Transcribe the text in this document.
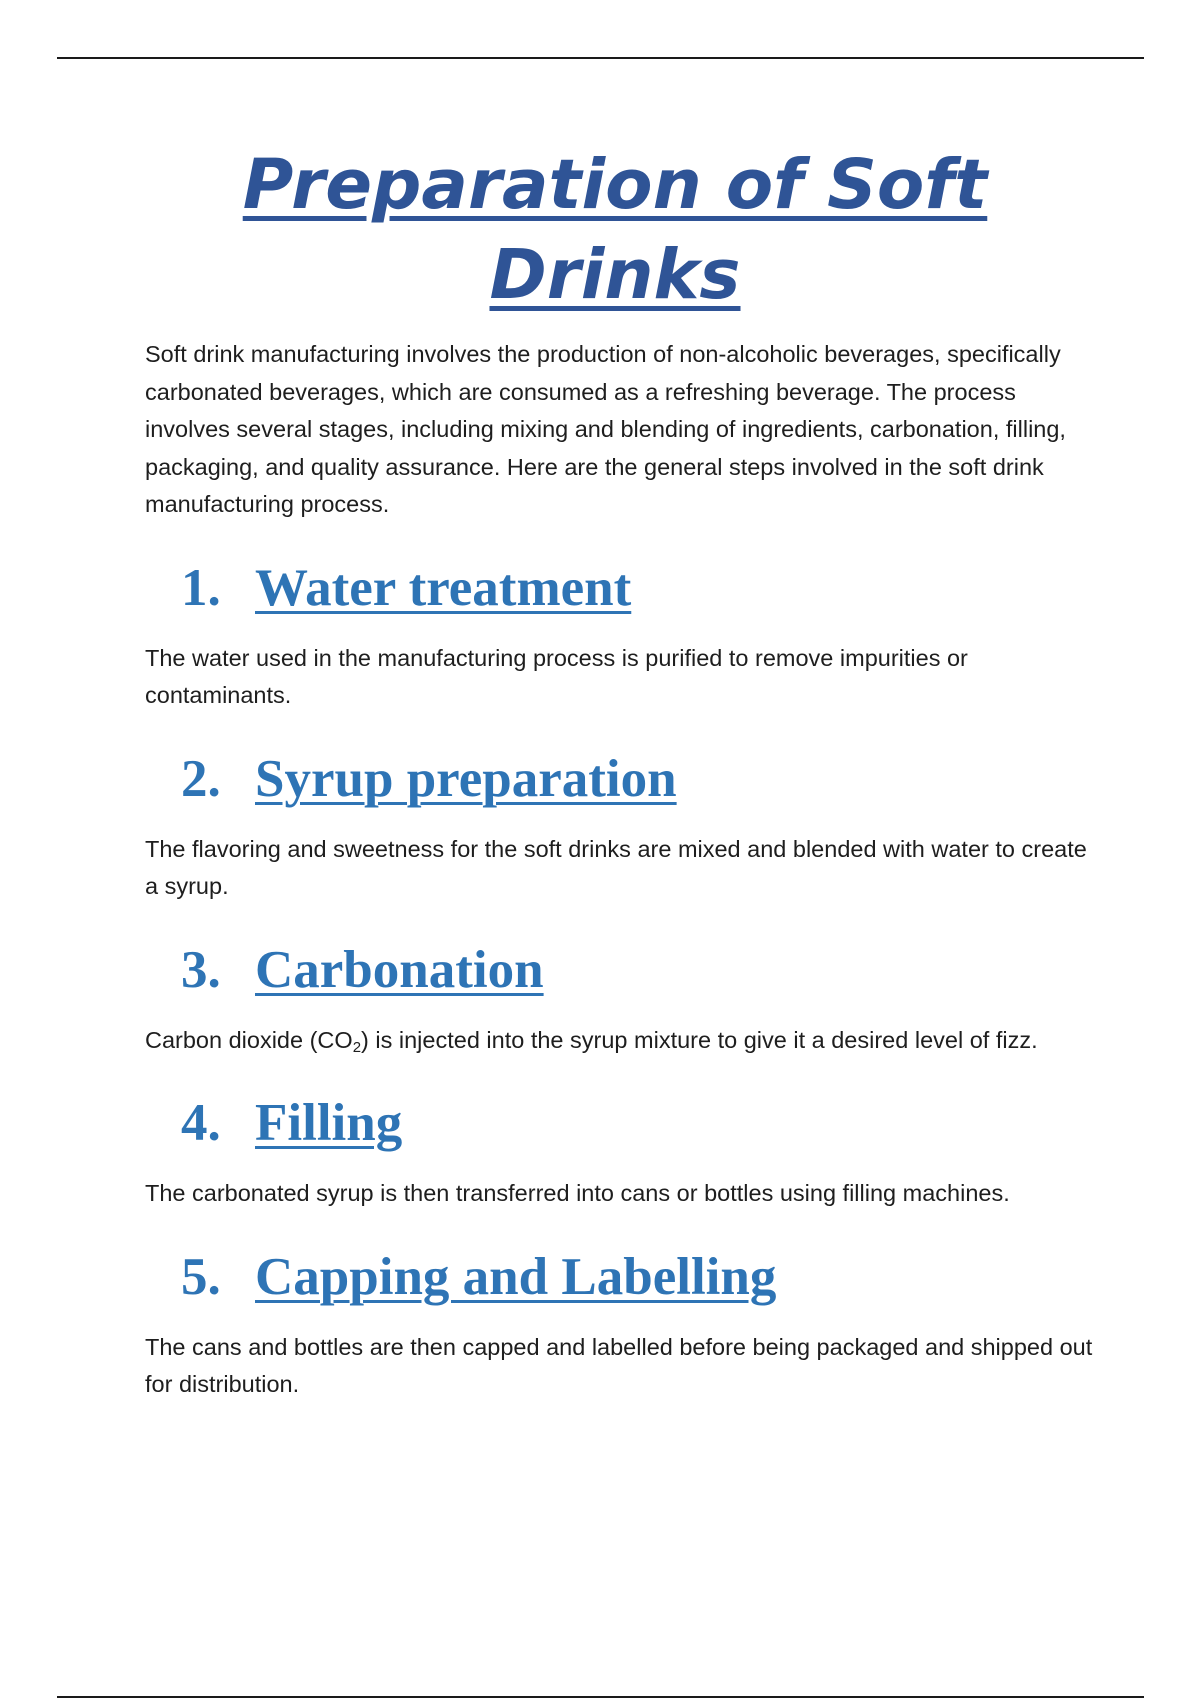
Preparation of Soft Drinks

Soft drink manufacturing involves the production of non-alcoholic beverages, specifically carbonated beverages, which are consumed as a refreshing beverage. The process involves several stages, including mixing and blending of ingredients, carbonation, filling, packaging, and quality assurance. Here are the general steps involved in the soft drink manufacturing process.

1. Water treatment

The water used in the manufacturing process is purified to remove impurities or contaminants.

2. Syrup preparation

The flavoring and sweetness for the soft drinks are mixed and blended with water to create a syrup.

3. Carbonation

Carbon dioxide $(CO_2)$ is injected into the syrup mixture to give it a desired level of fizz.

4. Filling

The carbonated syrup is then transferred into cans or bottles using filling machines.

5. Capping and Labelling

The cans and bottles are then capped and labelled before being packaged and shipped out for distribution.
